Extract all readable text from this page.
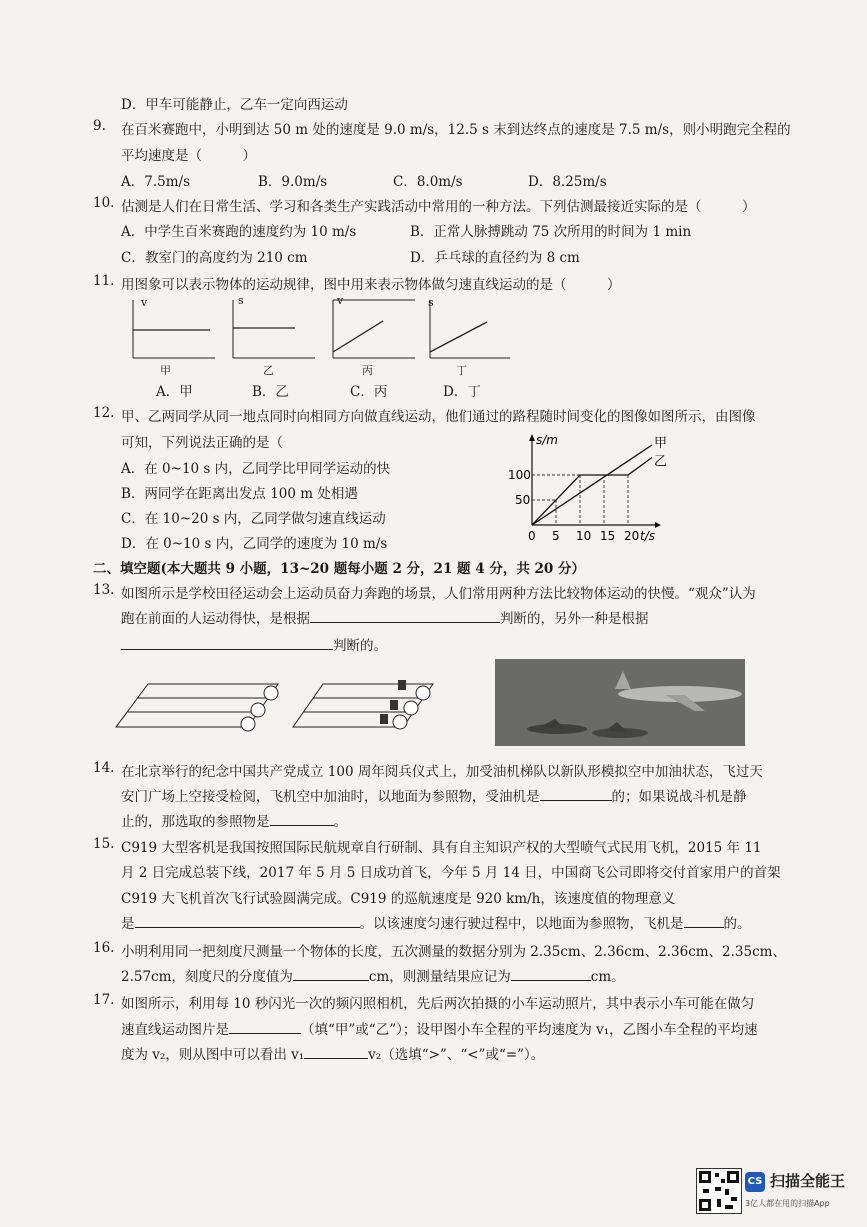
D．甲车可能静止，乙车一定向西运动
9. 在百米赛跑中，小明到达 50 m 处的速度是 9.0 m/s，12.5 s 末到达终点的速度是 7.5 m/s，则小明跑完全程的
平均速度是（　　　）
A．7.5m/s	B．9.0m/s	C．8.0m/s	D．8.25m/s
10. 估测是人们在日常生活、学习和各类生产实践活动中常用的一种方法。下列估测最接近实际的是（　　　）
A．中学生百米赛跑的速度约为 10 m/s	B．正常人脉搏跳动 75 次所用的时间为 1 min
C．教室门的高度约为 210 cm	D．乒乓球的直径约为 8 cm
11. 用图象可以表示物体的运动规律，图中用来表示物体做匀速直线运动的是（　　　）
v	s	v	s
甲	乙	丙	丁
A．甲	B．乙	C．丙	D．丁
12. 甲、乙两同学从同一地点同时向相同方向做直线运动，他们通过的路程随时间变化的图像如图所示，由图像
可知，下列说法正确的是（
A．在 0~10 s 内，乙同学比甲同学运动的快
B．两同学在距离出发点 100 m 处相遇
C．在 10~20 s 内，乙同学做匀速直线运动
D．在 0~10 s 内，乙同学的速度为 10 m/s
甲
乙
0 5 10 15 20
50
100
t/s
s/m
二、填空题(本大题共 9 小题，13~20 题每小题 2 分，21 题 4 分，共 20 分）
13. 如图所示是学校田径运动会上运动员奋力奔跑的场景，人们常用两种方法比较物体运动的快慢。“观众”认为
跑在前面的人运动得快，是根据	判断的，另外一种是根据
判断的。
14. 在北京举行的纪念中国共产党成立 100 周年阅兵仪式上，加受油机梯队以新队形模拟空中加油状态，飞过天
安门广场上空接受检阅，飞机空中加油时，以地面为参照物，受油机是	的；如果说战斗机是静
止的，那选取的参照物是	。
15. C919 大型客机是我国按照国际民航规章自行研制、具有自主知识产权的大型喷气式民用飞机，2015 年 11
月 2 日完成总装下线，2017 年 5 月 5 日成功首飞，今年 5 月 14 日，中国商飞公司即将交付首家用户的首架
C919 大飞机首次飞行试验圆满完成。C919 的巡航速度是 920 km/h，该速度值的物理意义
是	。以该速度匀速行驶过程中，以地面为参照物，飞机是	的。
16. 小明利用同一把刻度尺测量一个物体的长度，五次测量的数据分别为 2.35cm、2.36cm、2.36cm、2.35cm、
2.57cm，刻度尺的分度值为	cm，则测量结果应记为	cm。
17. 如图所示，利用每 10 秒闪光一次的频闪照相机，先后两次拍摄的小车运动照片，其中表示小车可能在做匀
速直线运动图片是	（填“甲”或“乙”）；设甲图小车全程的平均速度为 v₁，乙图小车全程的平均速
度为 v₂，则从图中可以看出 v₁	v₂（选填“>”、“<”或“=”）。
CS 扫描全能王
3亿人都在用的扫描App
